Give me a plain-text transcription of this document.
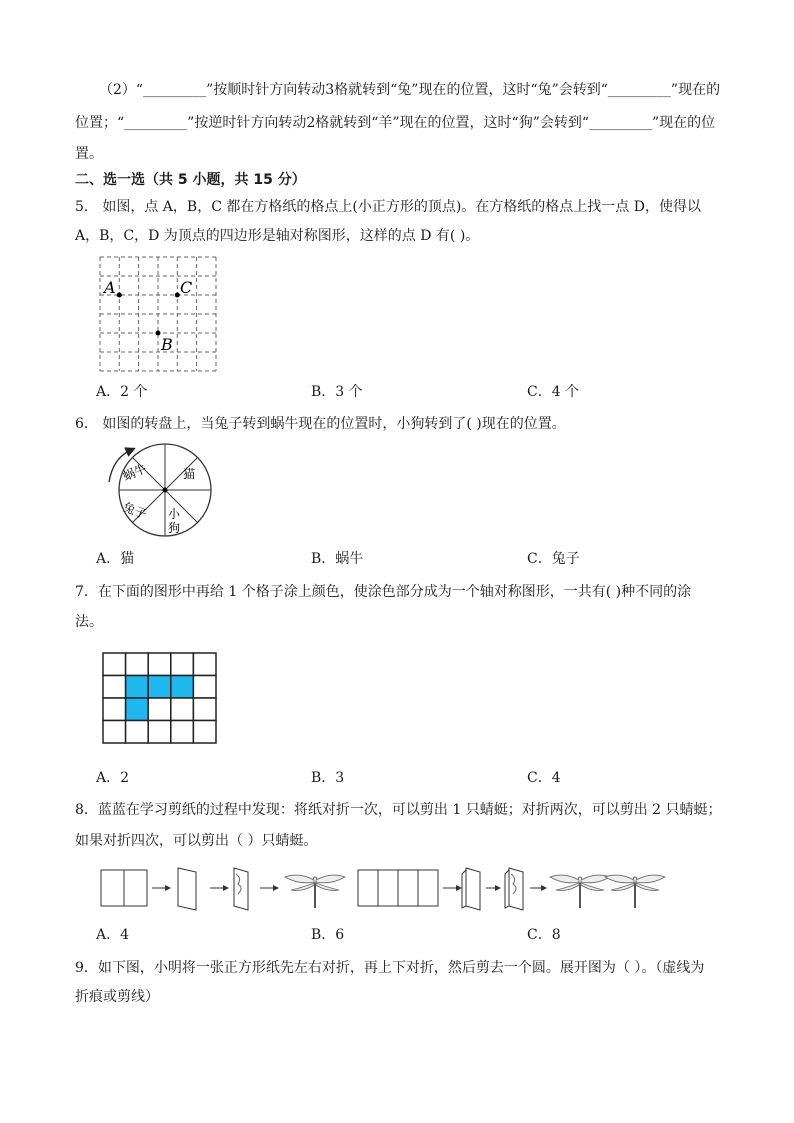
（2）“_________”按顺时针方向转动3格就转到“兔”现在的位置，这时“兔”会转到“_________”现在的
位置；“_________”按逆时针方向转动2格就转到“羊”现在的位置，这时“狗”会转到“_________”现在的位
置。
二、选一选（共 5 小题，共 15 分）
5． 如图，点 A，B，C 都在方格纸的格点上(小正方形的顶点)。在方格纸的格点上找一点 D，使得以
A，B，C，D 为顶点的四边形是轴对称图形，这样的点 D 有( )。
A	C
B
A．2 个	B．3 个	C．4 个
6． 如图的转盘上，当兔子转到蜗牛现在的位置时，小狗转到了( )现在的位置。
蜗牛	猫
兔子 小
狗
A．猫	B．蜗牛	C．兔子
7．在下面的图形中再给 1 个格子涂上颜色，使涂色部分成为一个轴对称图形，一共有( )种不同的涂
法。
A．2	B．3	C．4
8．蓝蓝在学习剪纸的过程中发现：将纸对折一次，可以剪出 1 只蜻蜓；对折两次，可以剪出 2 只蜻蜓；
如果对折四次，可以剪出（ ）只蜻蜓。
A．4	B．6	C．8
9．如下图，小明将一张正方形纸先左右对折，再上下对折，然后剪去一个圆。展开图为（ ）。（虚线为
折痕或剪线）
